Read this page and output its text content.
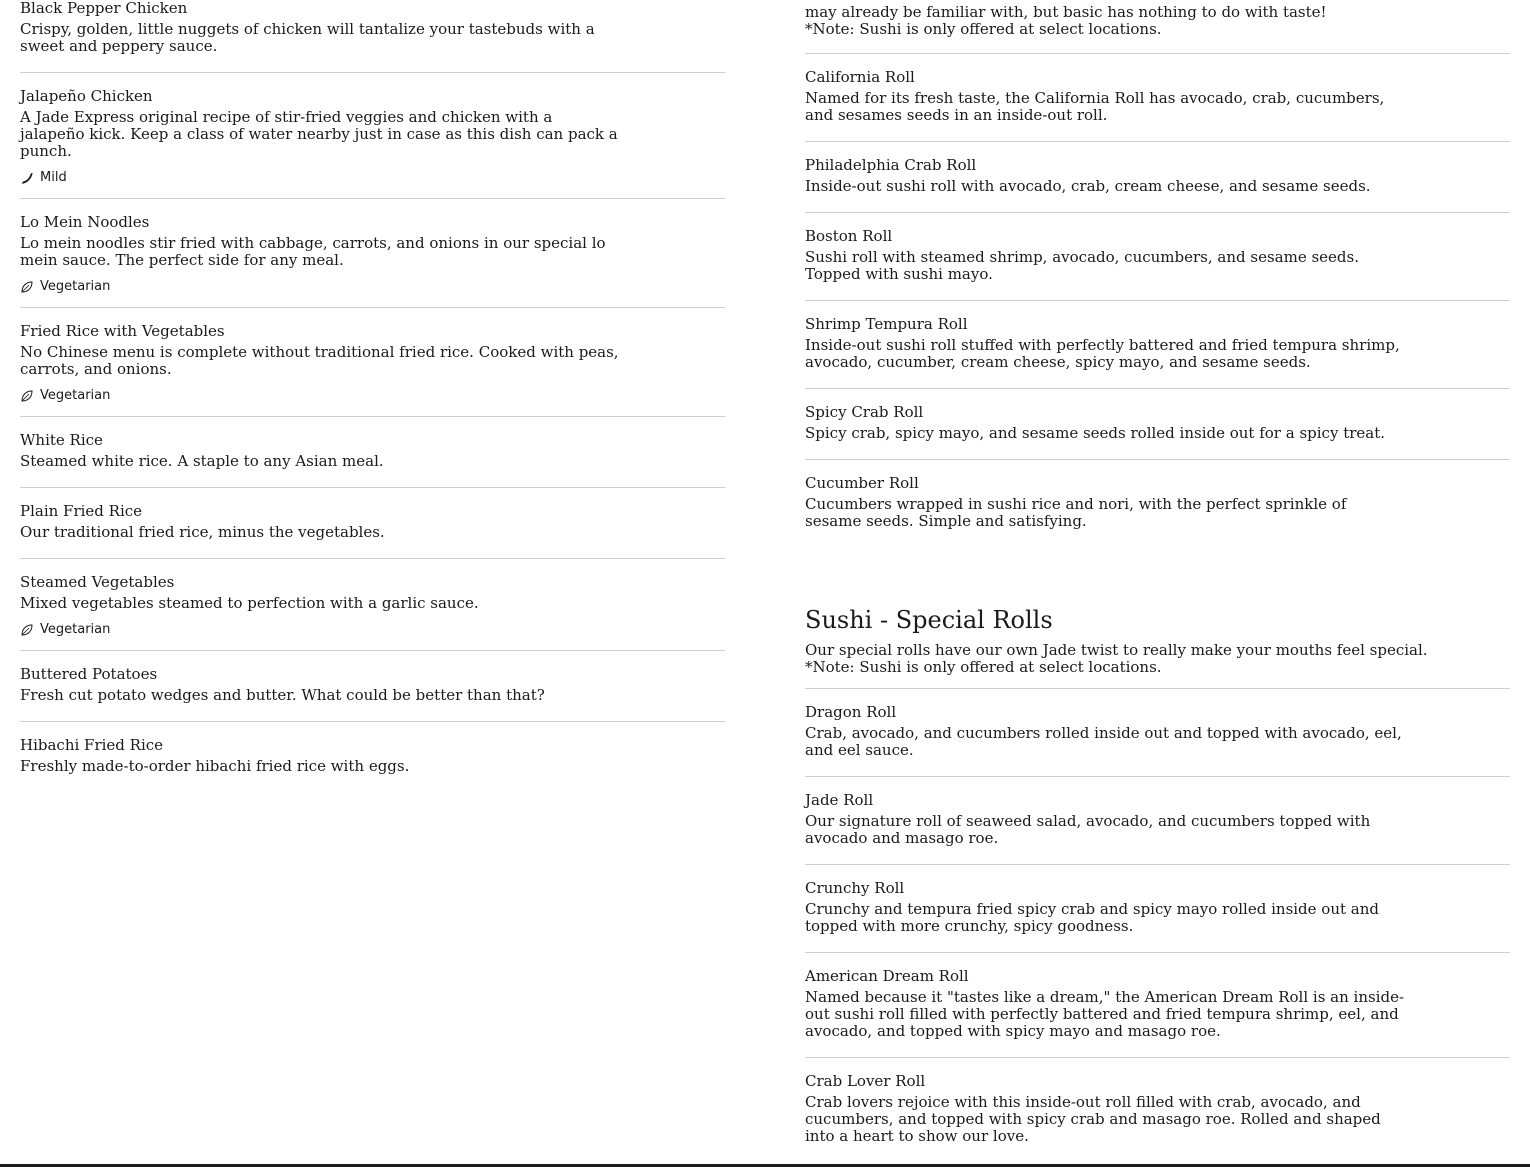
Black Pepper Chicken

Crispy, golden, little nuggets of chicken will tantalize your tastebuds with a sweet and peppery sauce.

Jalapeño Chicken

A Jade Express original recipe of stir-fried veggies and chicken with a jalapeño kick. Keep a class of water nearby just in case as this dish can pack a punch.

Mild
Lo Mein Noodles

Lo mein noodles stir fried with cabbage, carrots, and onions in our special lo mein sauce. The perfect side for any meal.

Vegetarian
Fried Rice with Vegetables

No Chinese menu is complete without traditional fried rice. Cooked with peas, carrots, and onions.

Vegetarian
White Rice

Steamed white rice. A staple to any Asian meal.

Plain Fried Rice

Our traditional fried rice, minus the vegetables.

Steamed Vegetables

Mixed vegetables steamed to perfection with a garlic sauce.

Vegetarian
Buttered Potatoes

Fresh cut potato wedges and butter. What could be better than that?

Hibachi Fried Rice

Freshly made-to-order hibachi fried rice with eggs.

may already be familiar with, but basic has nothing to do with taste!

*Note: Sushi is only offered at select locations.

California Roll

Named for its fresh taste, the California Roll has avocado, crab, cucumbers, and sesames seeds in an inside-out roll.

Philadelphia Crab Roll

Inside-out sushi roll with avocado, crab, cream cheese, and sesame seeds.

Boston Roll

Sushi roll with steamed shrimp, avocado, cucumbers, and sesame seeds. Topped with sushi mayo.

Shrimp Tempura Roll

Inside-out sushi roll stuffed with perfectly battered and fried tempura shrimp, avocado, cucumber, cream cheese, spicy mayo, and sesame seeds.

Spicy Crab Roll

Spicy crab, spicy mayo, and sesame seeds rolled inside out for a spicy treat.

Cucumber Roll

Cucumbers wrapped in sushi rice and nori, with the perfect sprinkle of sesame seeds. Simple and satisfying.

Sushi - Special Rolls

Our special rolls have our own Jade twist to really make your mouths feel special.

*Note: Sushi is only offered at select locations.

Dragon Roll

Crab, avocado, and cucumbers rolled inside out and topped with avocado, eel, and eel sauce.

Jade Roll

Our signature roll of seaweed salad, avocado, and cucumbers topped with avocado and masago roe.

Crunchy Roll

Crunchy and tempura fried spicy crab and spicy mayo rolled inside out and topped with more crunchy, spicy goodness.

American Dream Roll

Named because it "tastes like a dream," the American Dream Roll is an inside-out sushi roll filled with perfectly battered and fried tempura shrimp, eel, and avocado, and topped with spicy mayo and masago roe.

Crab Lover Roll

Crab lovers rejoice with this inside-out roll filled with crab, avocado, and cucumbers, and topped with spicy crab and masago roe. Rolled and shaped into a heart to show our love.
